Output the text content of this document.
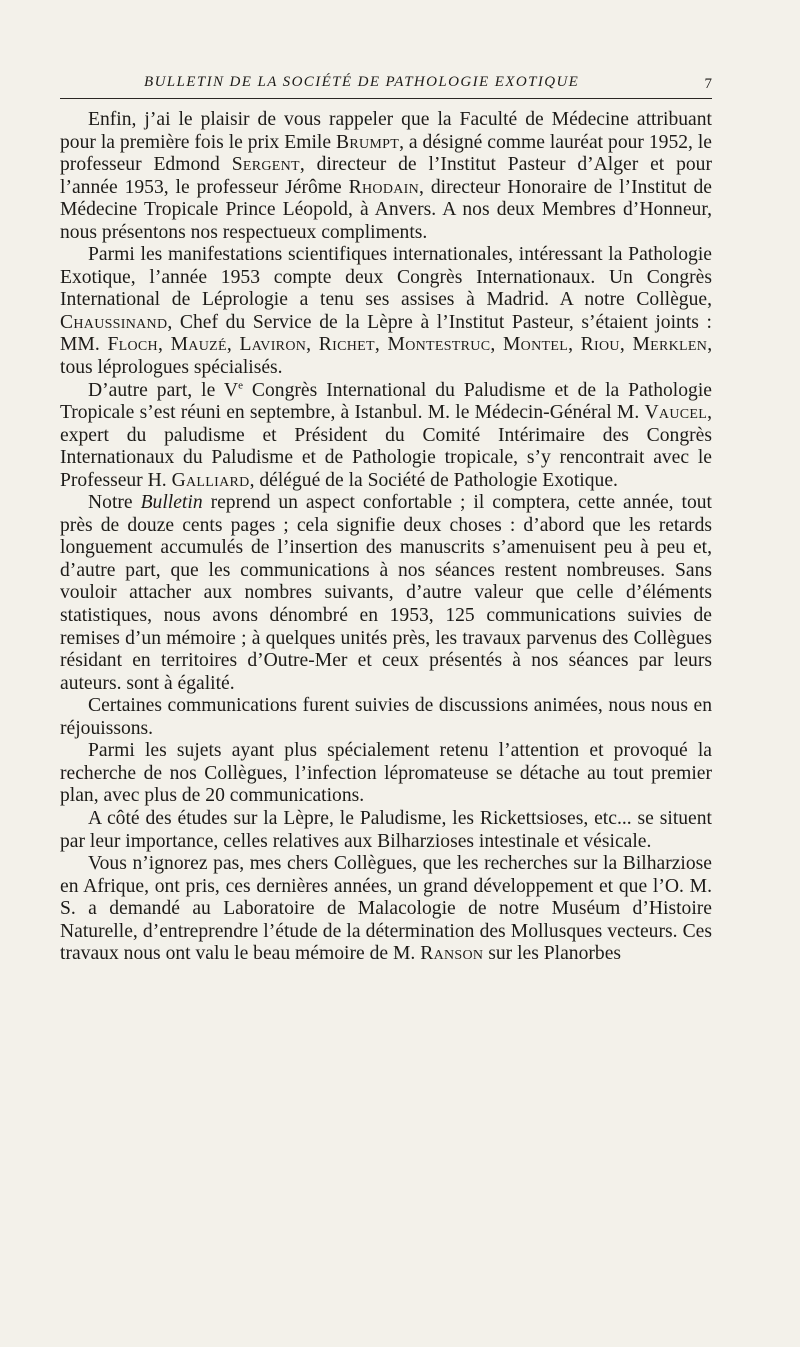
BULLETIN DE LA SOCIÉTÉ DE PATHOLOGIE EXOTIQUE	7

Enfin, j’ai le plaisir de vous rappeler que la Faculté de Médecine attribuant pour la première fois le prix Emile Brumpt, a désigné comme lauréat pour 1952, le professeur Edmond Sergent, directeur de l’Institut Pasteur d’Alger et pour l’année 1953, le professeur Jérôme Rhodain, directeur Honoraire de l’Institut de Médecine Tropicale Prince Léopold, à Anvers. A nos deux Membres d’Honneur, nous présentons nos respectueux compliments.

Parmi les manifestations scientifiques internationales, intéressant la Pathologie Exotique, l’année 1953 compte deux Congrès Internationaux. Un Congrès International de Léprologie a tenu ses assises à Madrid. A notre Collègue, Chaussinand, Chef du Service de la Lèpre à l’Institut Pasteur, s’étaient joints : MM. Floch, Mauzé, Laviron, Richet, Montestruc, Montel, Riou, Merklen, tous léprologues spécialisés.

D’autre part, le Ve Congrès International du Paludisme et de la Pathologie Tropicale s’est réuni en septembre, à Istanbul. M. le Médecin-Général M. Vaucel, expert du paludisme et Président du Comité Intérimaire des Congrès Internationaux du Paludisme et de Pathologie tropicale, s’y rencontrait avec le Professeur H. Galliard, délégué de la Société de Pathologie Exotique.

Notre Bulletin reprend un aspect confortable ; il comptera, cette année, tout près de douze cents pages ; cela signifie deux choses : d’abord que les retards longuement accumulés de l’insertion des manuscrits s’amenuisent peu à peu et, d’autre part, que les communications à nos séances restent nombreuses. Sans vouloir attacher aux nombres suivants, d’autre valeur que celle d’éléments statistiques, nous avons dénombré en 1953, 125 communications suivies de remises d’un mémoire ; à quelques unités près, les travaux parvenus des Collègues résidant en territoires d’Outre-Mer et ceux présentés à nos séances par leurs auteurs. sont à égalité.

Certaines communications furent suivies de discussions animées, nous nous en réjouissons.

Parmi les sujets ayant plus spécialement retenu l’attention et provoqué la recherche de nos Collègues, l’infection lépromateuse se détache au tout premier plan, avec plus de 20 communications.

A côté des études sur la Lèpre, le Paludisme, les Rickettsioses, etc... se situent par leur importance, celles relatives aux Bilharzioses intestinale et vésicale.

Vous n’ignorez pas, mes chers Collègues, que les recherches sur la Bilharziose en Afrique, ont pris, ces dernières années, un grand développement et que l’O. M. S. a demandé au Laboratoire de Malacologie de notre Muséum d’Histoire Naturelle, d’entreprendre l’étude de la détermination des Mollusques vecteurs. Ces travaux nous ont valu le beau mémoire de M. Ranson sur les Planorbes
